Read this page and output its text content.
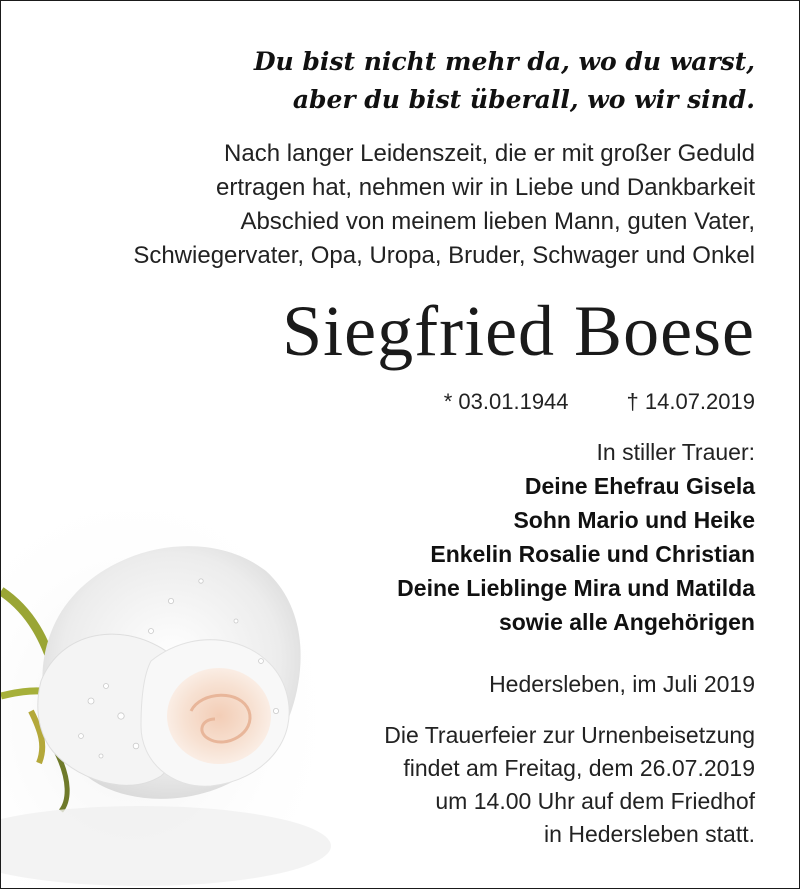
Du bist nicht mehr da, wo du warst,
aber du bist überall, wo wir sind.
Nach langer Leidenszeit, die er mit großer Geduld
ertragen hat, nehmen wir in Liebe und Dankbarkeit
Abschied von meinem lieben Mann, guten Vater,
Schwiegervater, Opa, Uropa, Bruder, Schwager und Onkel
Siegfried Boese
* 03.01.1944	† 14.07.2019
In stiller Trauer:
Deine Ehefrau Gisela
Sohn Mario und Heike
Enkelin Rosalie und Christian
Deine Lieblinge Mira und Matilda
sowie alle Angehörigen
Hedersleben, im Juli 2019
Die Trauerfeier zur Urnenbeisetzung
findet am Freitag, dem 26.07.2019
um 14.00 Uhr auf dem Friedhof
in Hedersleben statt.
